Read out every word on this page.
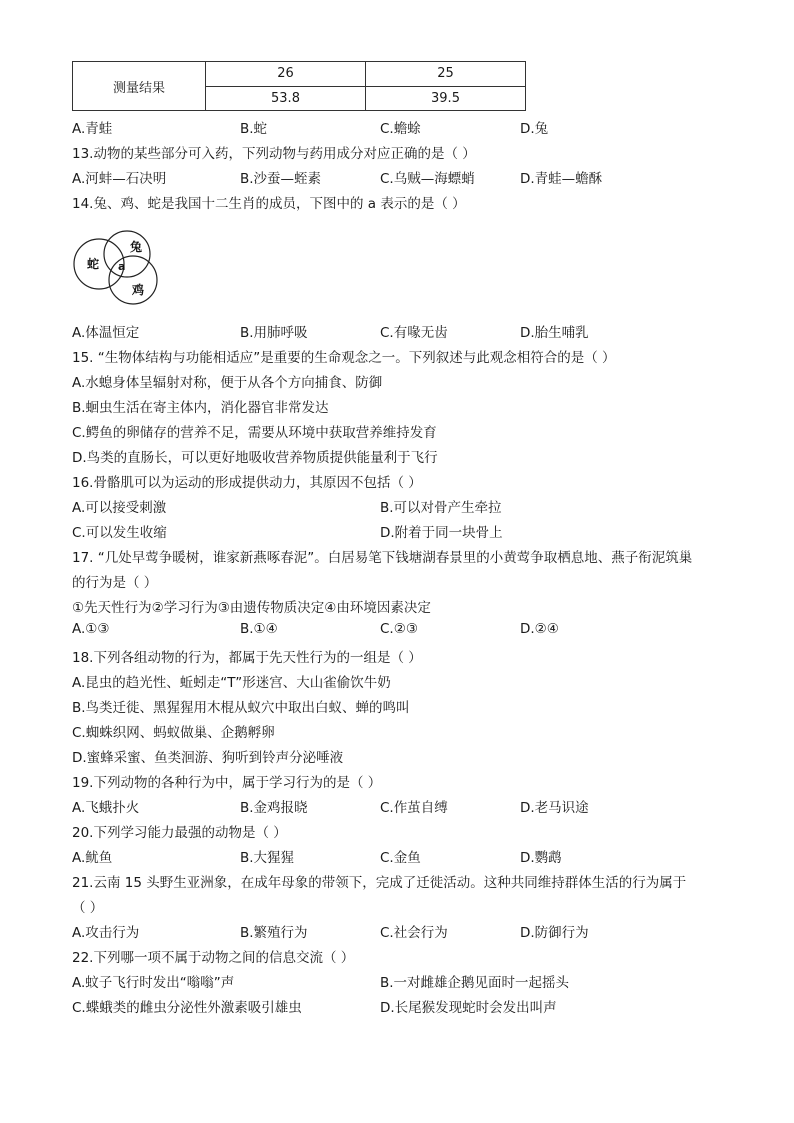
测量结果	26	25
	53.8	39.5
A.青蛙	B.蛇	C.蟾蜍	D.兔
13.动物的某些部分可入药，下列动物与药用成分对应正确的是（ ）
A.河蚌—石决明	B.沙蚕—蛭素	C.乌贼—海螵蛸	D.青蛙—蟾酥
14.兔、鸡、蛇是我国十二生肖的成员，下图中的 a 表示的是（ ）
蛇
兔
鸡
a
A.体温恒定	B.用肺呼吸	C.有喙无齿	D.胎生哺乳
15. “生物体结构与功能相适应”是重要的生命观念之一。下列叙述与此观念相符合的是（ ）
A.水螅身体呈辐射对称，便于从各个方向捕食、防御
B.蛔虫生活在寄主体内，消化器官非常发达
C.鳄鱼的卵储存的营养不足，需要从环境中获取营养维持发育
D.鸟类的直肠长，可以更好地吸收营养物质提供能量利于飞行
16.骨骼肌可以为运动的形成提供动力，其原因不包括（ ）
A.可以接受刺激	B.可以对骨产生牵拉
C.可以发生收缩	D.附着于同一块骨上
17. “几处早莺争暖树，谁家新燕啄春泥”。白居易笔下钱塘湖春景里的小黄莺争取栖息地、燕子衔泥筑巢
的行为是（ ）
①先天性行为②学习行为③由遗传物质决定④由环境因素决定
A.①③	B.①④	C.②③	D.②④
18.下列各组动物的行为，都属于先天性行为的一组是（ ）
A.昆虫的趋光性、蚯蚓走“T”形迷宫、大山雀偷饮牛奶
B.鸟类迁徙、黑猩猩用木棍从蚁穴中取出白蚁、蝉的鸣叫
C.蜘蛛织网、蚂蚁做巢、企鹅孵卵
D.蜜蜂采蜜、鱼类洄游、狗听到铃声分泌唾液
19.下列动物的各种行为中，属于学习行为的是（ ）
A.飞蛾扑火	B.金鸡报晓	C.作茧自缚	D.老马识途
20.下列学习能力最强的动物是（ ）
A.鱿鱼	B.大猩猩	C.金鱼	D.鹦鹉
21.云南 15 头野生亚洲象，在成年母象的带领下，完成了迁徙活动。这种共同维持群体生活的行为属于
（ ）
A.攻击行为	B.繁殖行为	C.社会行为	D.防御行为
22.下列哪一项不属于动物之间的信息交流（ ）
A.蚊子飞行时发出“嗡嗡”声	B.一对雌雄企鹅见面时一起摇头
C.蝶蛾类的雌虫分泌性外激素吸引雄虫	D.长尾猴发现蛇时会发出叫声
